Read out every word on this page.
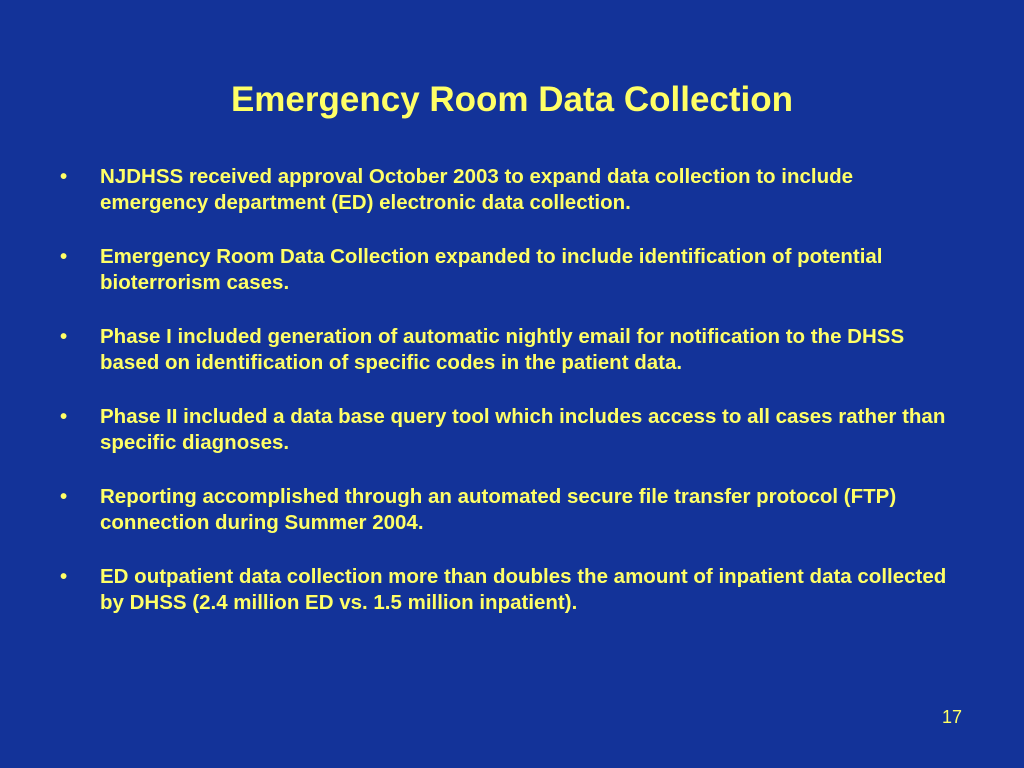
Emergency Room Data Collection
•	NJDHSS received approval October 2003 to expand data collection to include emergency department (ED) electronic data collection.
•	Emergency Room Data Collection expanded to include identification of potential bioterrorism cases.
•	Phase I included generation of automatic nightly email for notification to the DHSS based on identification of specific codes in the patient data.
•	Phase II included a data base query tool which includes access to all cases rather than specific diagnoses.
•	Reporting accomplished through an automated secure file transfer protocol (FTP) connection during Summer 2004.
•	ED outpatient data collection more than doubles the amount of inpatient data collected by DHSS (2.4 million ED vs. 1.5 million inpatient).
17
